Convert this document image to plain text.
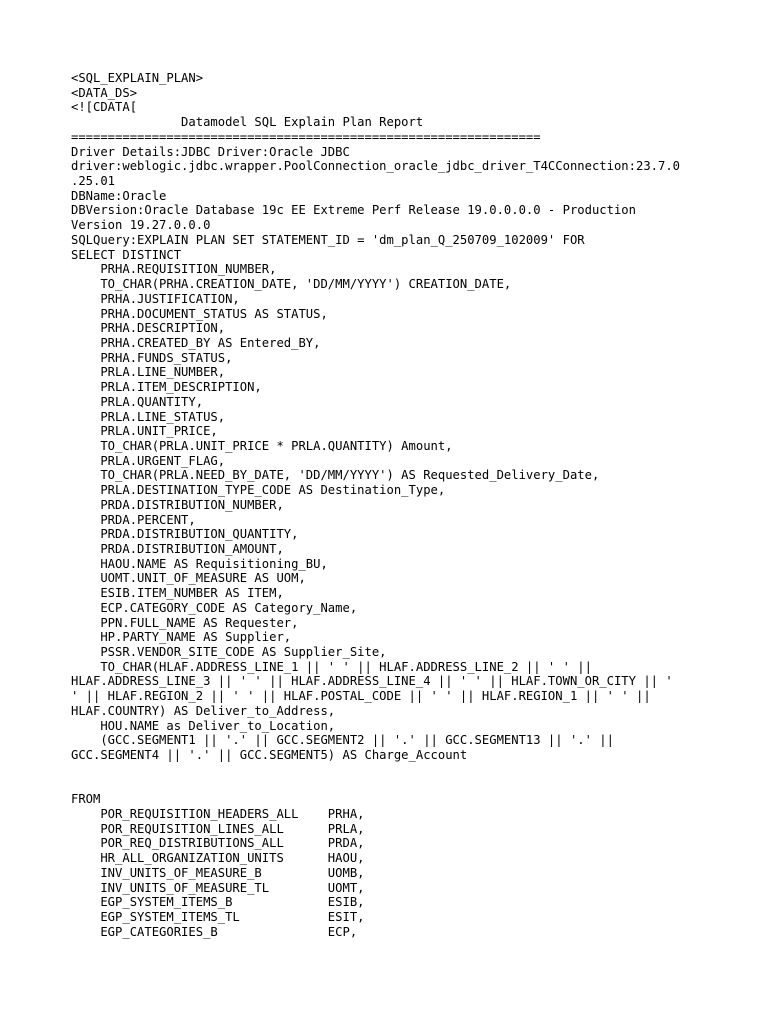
<SQL_EXPLAIN_PLAN>
<DATA_DS>
<![CDATA[
Datamodel SQL Explain Plan Report
================================================================
Driver Details:JDBC Driver:Oracle JDBC
driver:weblogic.jdbc.wrapper.PoolConnection_oracle_jdbc_driver_T4CConnection:23.7.0
.25.01
DBName:Oracle
DBVersion:Oracle Database 19c EE Extreme Perf Release 19.0.0.0.0 - Production
Version 19.27.0.0.0
SQLQuery:EXPLAIN PLAN SET STATEMENT_ID = 'dm_plan_Q_250709_102009' FOR
SELECT DISTINCT
PRHA.REQUISITION_NUMBER,
TO_CHAR(PRHA.CREATION_DATE, 'DD/MM/YYYY') CREATION_DATE,
PRHA.JUSTIFICATION,
PRHA.DOCUMENT_STATUS AS STATUS,
PRHA.DESCRIPTION,
PRHA.CREATED_BY AS Entered_BY,
PRHA.FUNDS_STATUS,
PRLA.LINE_NUMBER,
PRLA.ITEM_DESCRIPTION,
PRLA.QUANTITY,
PRLA.LINE_STATUS,
PRLA.UNIT_PRICE,
TO_CHAR(PRLA.UNIT_PRICE * PRLA.QUANTITY) Amount,
PRLA.URGENT_FLAG,
TO_CHAR(PRLA.NEED_BY_DATE, 'DD/MM/YYYY') AS Requested_Delivery_Date,
PRLA.DESTINATION_TYPE_CODE AS Destination_Type,
PRDA.DISTRIBUTION_NUMBER,
PRDA.PERCENT,
PRDA.DISTRIBUTION_QUANTITY,
PRDA.DISTRIBUTION_AMOUNT,
HAOU.NAME AS Requisitioning_BU,
UOMT.UNIT_OF_MEASURE AS UOM,
ESIB.ITEM_NUMBER AS ITEM,
ECP.CATEGORY_CODE AS Category_Name,
PPN.FULL_NAME AS Requester,
HP.PARTY_NAME AS Supplier,
PSSR.VENDOR_SITE_CODE AS Supplier_Site,
TO_CHAR(HLAF.ADDRESS_LINE_1 || ' ' || HLAF.ADDRESS_LINE_2 || ' ' ||
HLAF.ADDRESS_LINE_3 || ' ' || HLAF.ADDRESS_LINE_4 || ' ' || HLAF.TOWN_OR_CITY || '
' || HLAF.REGION_2 || ' ' || HLAF.POSTAL_CODE || ' ' || HLAF.REGION_1 || ' ' ||
HLAF.COUNTRY) AS Deliver_to_Address,
HOU.NAME as Deliver_to_Location,
(GCC.SEGMENT1 || '.' || GCC.SEGMENT2 || '.' || GCC.SEGMENT13 || '.' ||
GCC.SEGMENT4 || '.' || GCC.SEGMENT5) AS Charge_Account
FROM
POR_REQUISITION_HEADERS_ALL    PRHA,
POR_REQUISITION_LINES_ALL      PRLA,
POR_REQ_DISTRIBUTIONS_ALL      PRDA,
HR_ALL_ORGANIZATION_UNITS      HAOU,
INV_UNITS_OF_MEASURE_B         UOMB,
INV_UNITS_OF_MEASURE_TL        UOMT,
EGP_SYSTEM_ITEMS_B             ESIB,
EGP_SYSTEM_ITEMS_TL            ESIT,
EGP_CATEGORIES_B               ECP,
